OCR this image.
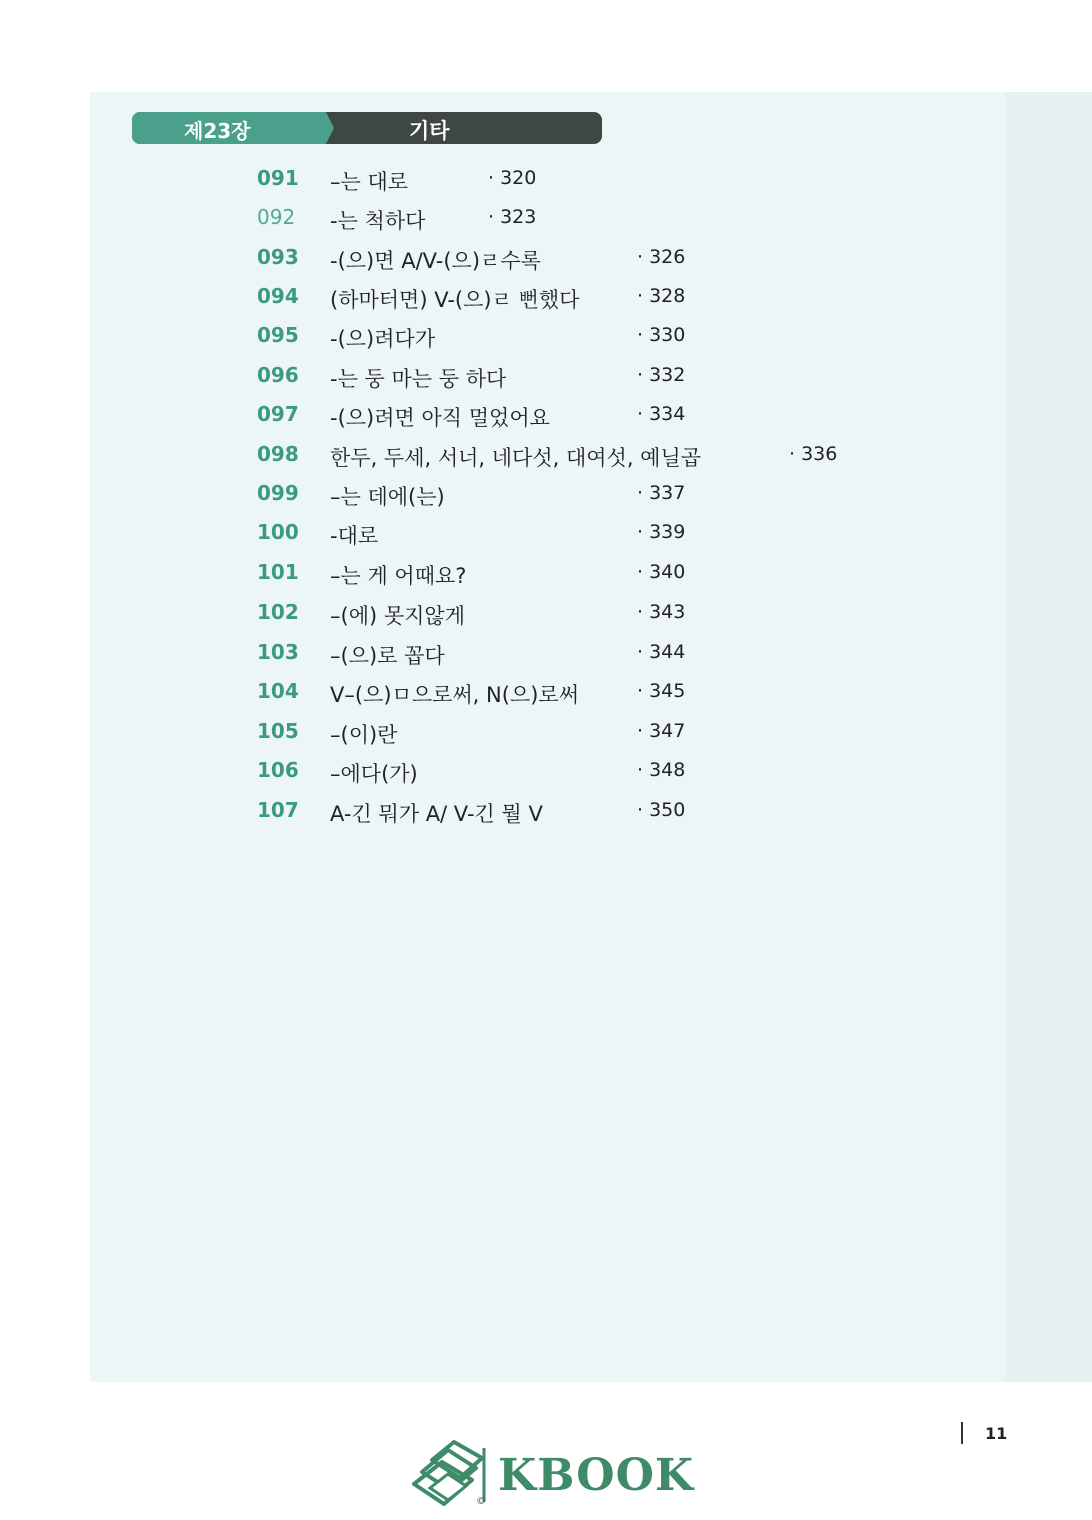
제23장	기타
091 –는 대로	· 320
092 -는 척하다	· 323
093 -(으)면 A/V-(으)ㄹ수록	· 326
094 (하마터면) V-(으)ㄹ 뻔했다	· 328
095 -(으)려다가	· 330
096 -는 둥 마는 둥 하다	· 332
097 -(으)려면 아직 멀었어요	· 334
098 한두, 두세, 서너, 네다섯, 대여섯, 예닐곱	· 336
099 –는 데에(는)	· 337
100 -대로	· 339
101 –는 게 어때요?	· 340
102 –(에) 못지않게	· 343
103 –(으)로 꼽다	· 344
104 V–(으)ㅁ으로써, N(으)로써	· 345
105 –(이)란	· 347
106 –에다(가)	· 348
107 A-긴 뭐가 A/ V-긴 뭘 V	· 350
11
©
KBOOK
